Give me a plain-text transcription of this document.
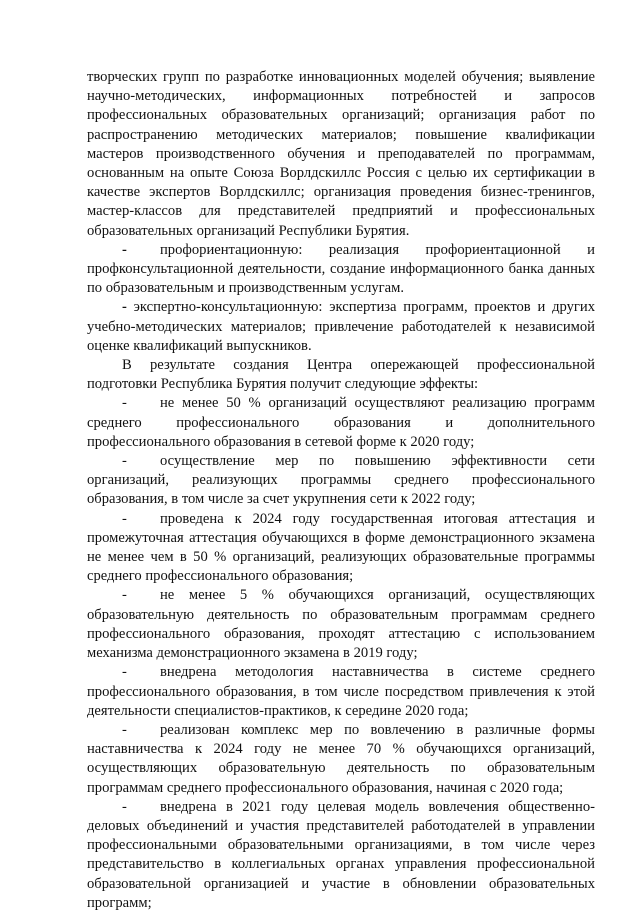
творческих групп по разработке инновационных моделей обучения; выявление научно-методических, информационных потребностей и запросов профессиональных образовательных организаций; организация работ по распространению методических материалов; повышение квалификации мастеров производственного обучения и преподавателей по программам, основанным на опыте Союза Ворлдскиллс Россия с целью их сертификации в качестве экспертов Ворлдскиллс; организация проведения бизнес-тренингов, мастер-классов для представителей предприятий и профессиональных образовательных организаций Республики Бурятия.

- профориентационную: реализация профориентационной и профконсультационной деятельности, создание информационного банка данных по образовательным и производственным услугам.

- экспертно-консультационную: экспертиза программ, проектов и других учебно-методических материалов; привлечение работодателей к независимой оценке квалификаций выпускников.

В результате создания Центра опережающей профессиональной подготовки Республика Бурятия получит следующие эффекты:

- не менее 50 % организаций осуществляют реализацию программ среднего профессионального образования и дополнительного профессионального образования в сетевой форме к 2020 году;

- осуществление мер по повышению эффективности сети организаций, реализующих программы среднего профессионального образования, в том числе за счет укрупнения сети к 2022 году;

- проведена к 2024 году государственная итоговая аттестация и промежуточная аттестация обучающихся в форме демонстрационного экзамена не менее чем в 50 % организаций, реализующих образовательные программы среднего профессионального образования;

- не менее 5 % обучающихся организаций, осуществляющих образовательную деятельность по образовательным программам среднего профессионального образования, проходят аттестацию с использованием механизма демонстрационного экзамена в 2019 году;

- внедрена методология наставничества в системе среднего профессионального образования, в том числе посредством привлечения к этой деятельности специалистов-практиков, к середине 2020 года;

- реализован комплекс мер по вовлечению в различные формы наставничества к 2024 году не менее 70 % обучающихся организаций, осуществляющих образовательную деятельность по образовательным программам среднего профессионального образования, начиная с 2020 года;

- внедрена в 2021 году целевая модель вовлечения общественно-деловых объединений и участия представителей работодателей в управлении профессиональными образовательными организациями, в том числе через представительство в коллегиальных органах управления профессиональной образовательной организацией и участие в обновлении образовательных программ;
